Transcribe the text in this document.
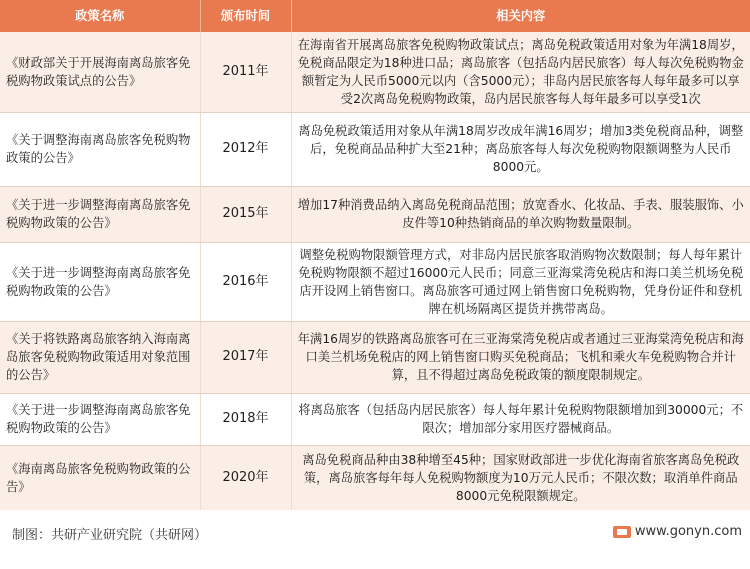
政策名称	颁布时间	相关内容
《财政部关于开展海南离岛旅客免税购物政策试点的公告》	2011年	在海南省开展离岛旅客免税购物政策试点；离岛免税政策适用对象为年满18周岁，免税商品限定为18种进口品；离岛旅客（包括岛内居民旅客）每人每次免税购物金额暂定为人民币5000元以内（含5000元）；非岛内居民旅客每人每年最多可以享受2次离岛免税购物政策，岛内居民旅客每人每年最多可以享受1次
《关于调整海南离岛旅客免税购物政策的公告》	2012年	离岛免税政策适用对象从年满18周岁改成年满16周岁；增加3类免税商品种，调整后，免税商品品种扩大至21种；离岛旅客每人每次免税购物限额调整为人民币8000元。
《关于进一步调整海南离岛旅客免税购物政策的公告》	2015年	增加17种消费品纳入离岛免税商品范围；放宽香水、化妆品、手表、服装服饰、小皮件等10种热销商品的单次购物数量限制。
《关于进一步调整海南离岛旅客免税购物政策的公告》	2016年	调整免税购物限额管理方式，对非岛内居民旅客取消购物次数限制；每人每年累计免税购物限额不超过16000元人民币；同意三亚海棠湾免税店和海口美兰机场免税店开设网上销售窗口。离岛旅客可通过网上销售窗口免税购物，凭身份证件和登机牌在机场隔离区提货并携带离岛。
《关于将铁路离岛旅客纳入海南离岛旅客免税购物政策适用对象范围的公告》	2017年	年满16周岁的铁路离岛旅客可在三亚海棠湾免税店或者通过三亚海棠湾免税店和海口美兰机场免税店的网上销售窗口购买免税商品；飞机和乘火车免税购物合并计算，且不得超过离岛免税政策的额度限制规定。
《关于进一步调整海南离岛旅客免税购物政策的公告》	2018年	将离岛旅客（包括岛内居民旅客）每人每年累计免税购物限额增加到30000元；不限次；增加部分家用医疗器械商品。
《海南离岛旅客免税购物政策的公告》	2020年	离岛免税商品种由38种增至45种；国家财政部进一步优化海南省旅客离岛免税政策，离岛旅客每年每人免税购物额度为10万元人民币；不限次数；取消单件商品8000元免税限额规定。
制图：共研产业研究院（共研网）	www.gonyn.com
